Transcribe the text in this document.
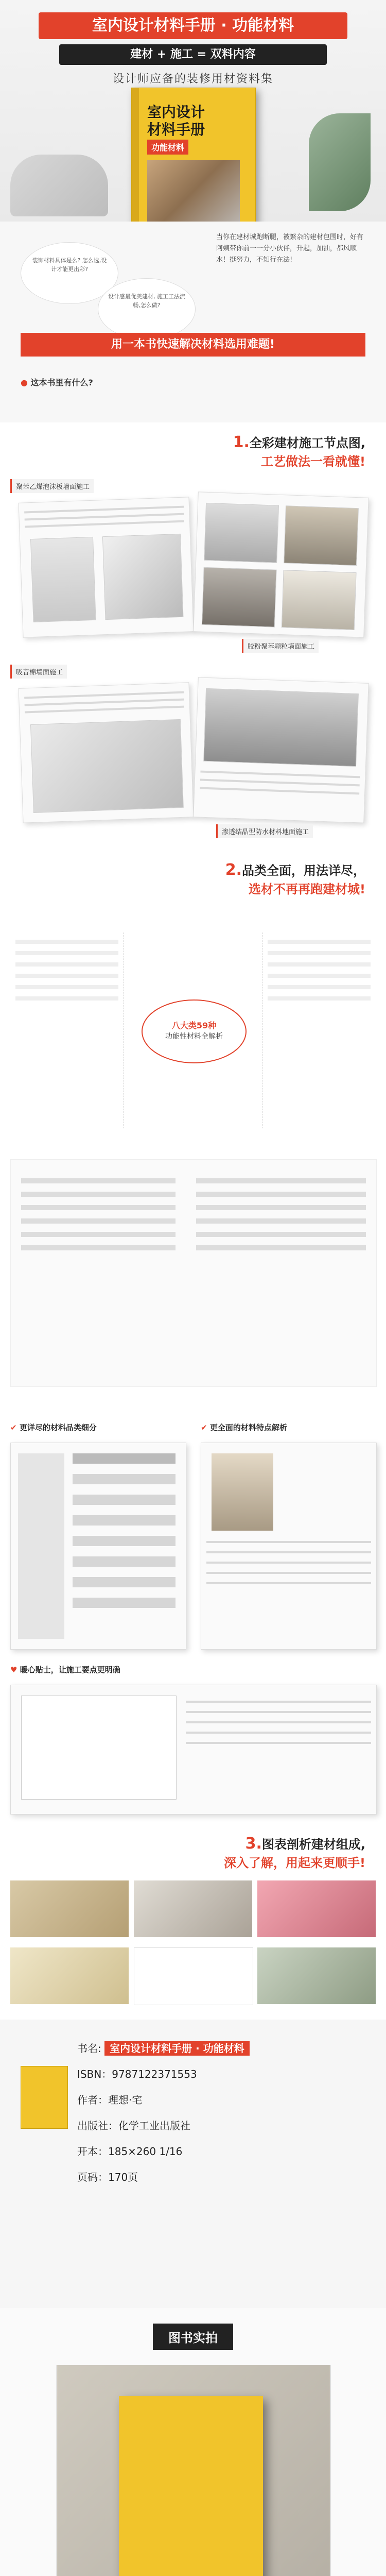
室内设计材料手册 · 功能材料
建材 + 施工 = 双料内容
设计师应备的装修用材资料集
室内设计
材料手册
功能材料
装饰材料具体是么? 怎么选,设计才能更出彩?
设计感最优美建材, 施工工法流畅,怎么做?
当你在建材城跑断腿，被繁杂的建材包围时，好有阿姨带你前一一分小伙伴，升起，加油，都风顺水！挺努力，不知行在法!
用一本书快速解决材料选用难题!
● 这本书里有什么?
1.全彩建材施工节点图,
工艺做法一看就懂!
聚苯乙烯泡沫板墙面施工
胶粉聚苯颗粒墙面施工
吸音棉墙面施工
渗透结晶型防水材料地面施工
2.品类全面，用法详尽，
选材不再再跑建材城!
八大类59种
功能性材料全解析
✔ 更详尽的材料品类细分	✔ 更全面的材料特点解析
♥ 暖心贴士，让施工要点更明确
3.图表剖析建材组成,
深入了解，用起来更顺手!
书名: 室内设计材料手册 · 功能材料
ISBN：9787122371553
作者：理想·宅
出版社：化学工业出版社
开本：185×260 1/16
页码：170页
图书实拍
